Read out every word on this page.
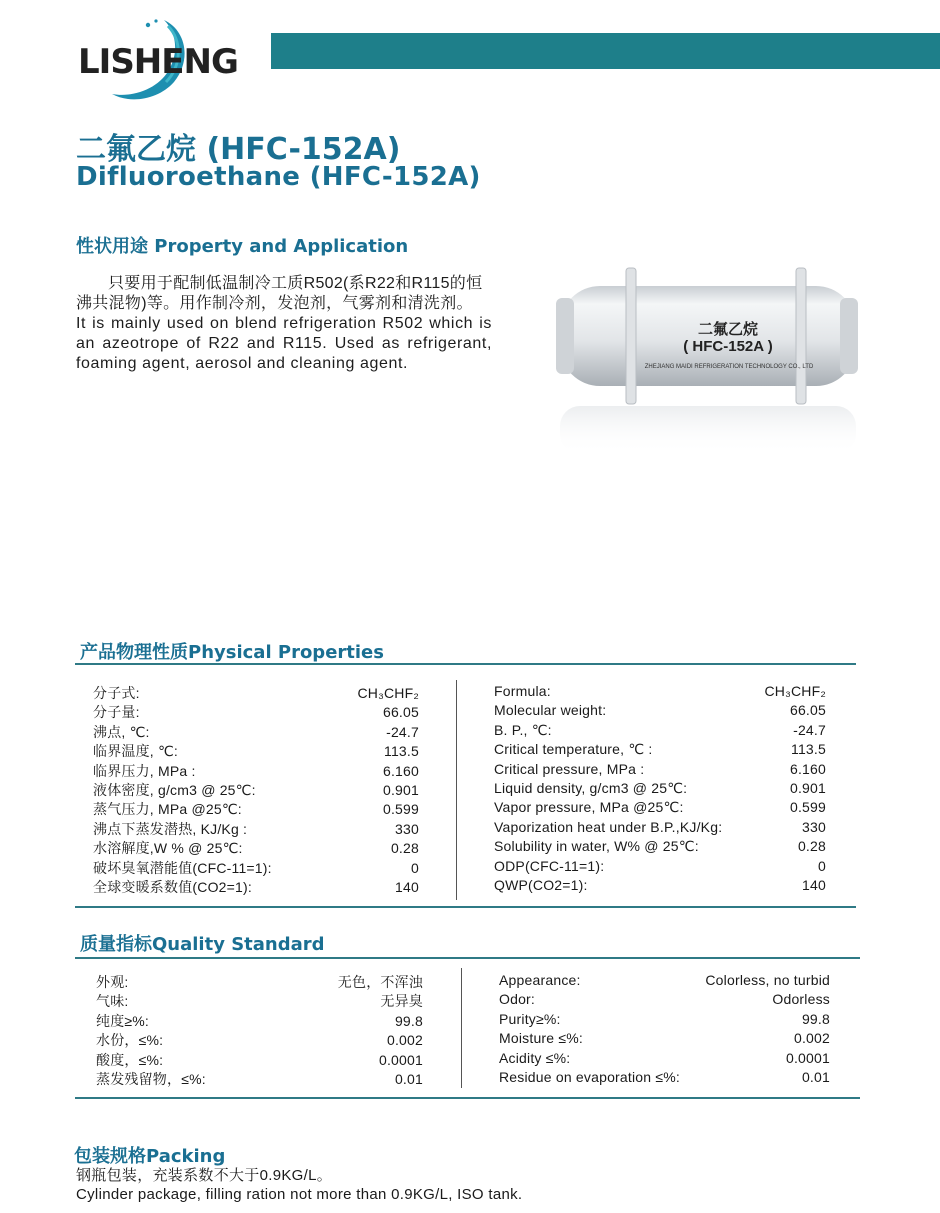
LISHENG
二氟乙烷 (HFC-152A)
Difluoroethane (HFC-152A)
性状用途 Property and Application

只要用于配制低温制冷工质R502(系R22和R115的恒沸共混物)等。用作制冷剂，发泡剂，气雾剂和清洗剂。

It is mainly used on blend refrigeration R502 which is an azeotrope of R22 and R115. Used as refrigerant, foaming agent, aerosol and cleaning agent.

二氟乙烷
( HFC-152A )
ZHEJIANG MAIDI REFRIGERATION TECHNOLOGY CO., LTD
产品物理性质Physical Properties
分子式:	CH₃CHF₂
分子量:	66.05
沸点, ℃:	-24.7
临界温度, ℃:	113.5
临界压力, MPa :	6.160
液体密度, g/cm3 @ 25℃:	0.901
蒸气压力, MPa @25℃:	0.599
沸点下蒸发潜热, KJ/Kg :	330
水溶解度,W % @ 25℃:	0.28
破坏臭氧潜能值(CFC-11=1):	0
全球变暖系数值(CO2=1):	140
Formula:	CH₃CHF₂
Molecular weight:	66.05
B. P., ℃:	-24.7
Critical temperature, ℃ :	113.5
Critical pressure, MPa :	6.160
Liquid density, g/cm3 @ 25℃:	0.901
Vapor pressure, MPa @25℃:	0.599
Vaporization heat under B.P.,KJ/Kg:	330
Solubility in water, W% @ 25℃:	0.28
ODP(CFC-11=1):	0
QWP(CO2=1):	140
质量指标Quality Standard
外观:	无色，不浑浊
气味:	无异臭
纯度≥%:	99.8
水份，≤%:	0.002
酸度，≤%:	0.0001
蒸发残留物，≤%:	0.01
Appearance:	Colorless, no turbid
Odor:	Odorless
Purity≥%:	99.8
Moisture ≤%:	0.002
Acidity ≤%:	0.0001
Residue on evaporation ≤%:	0.01
包装规格Packing
钢瓶包装，充装系数不大于0.9KG/L。
Cylinder package, filling ration not more than 0.9KG/L, ISO tank.
